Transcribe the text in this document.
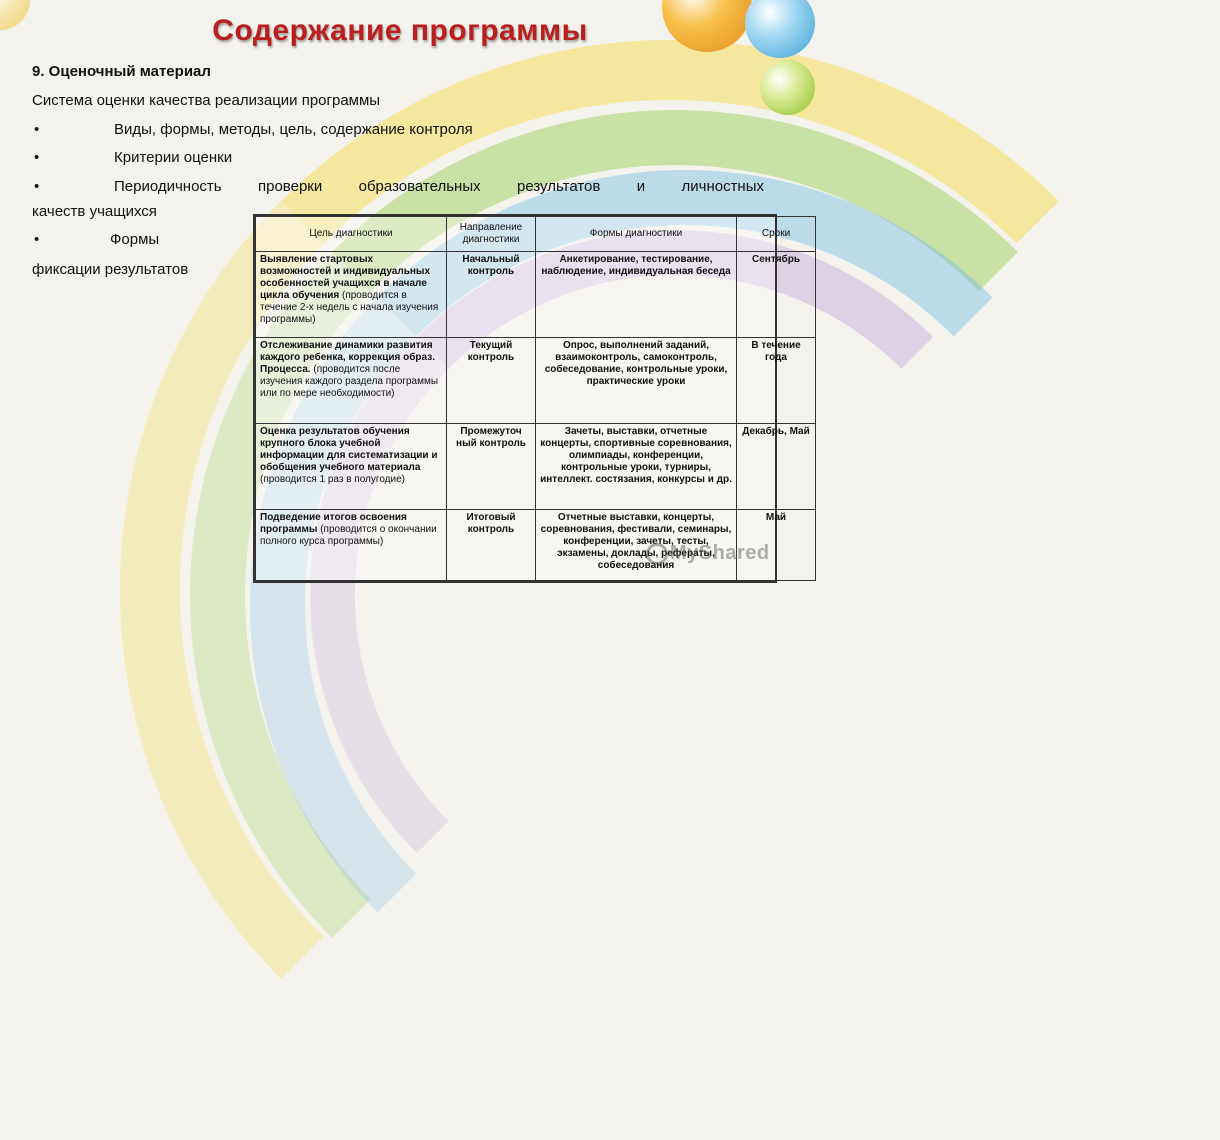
Содержание программы
9. Оценочный материал
Система оценки качества реализации программы
•	Виды, формы, методы, цель, содержание контроля
•	Критерии оценки
•	Периодичность проверки образовательных результатов и личностных
качеств учащихся
•	Формы
фиксации результатов
Цель диагностики	Направление диагностики	Формы диагностики	Сроки
Выявление стартовых возможностей и индивидуальных особенностей учащихся в начале цикла обучения (проводится в течение 2-х недель с начала изучения программы)	Начальный контроль	Анкетирование, тестирование, наблюдение, индивидуальная беседа	Сентябрь
Отслеживание динамики развития каждого ребенка, коррекция образ. Процесса. (проводится после изучения каждого раздела программы или по мере необходимости)	Текущий контроль	Опрос, выполнений заданий, взаимоконтроль, самоконтроль, собеседование, контрольные уроки, практические уроки	В течение года
Оценка результатов обучения крупного блока учебной информации для систематизации и обобщения учебного материала (проводится 1 раз в полугодие)	Промежуточ ный контроль	Зачеты, выставки, отчетные концерты, спортивные соревнования, олимпиады, конференции, контрольные уроки, турниры, интеллект. состязания, конкурсы и др.	Декабрь, Май
Подведение итогов освоения программы (проводится о окончании полного курса программы)	Итоговый контроль	Отчетные выставки, концерты, соревнования, фестивали, семинары, конференции, зачеты, тесты, экзамены, доклады, рефераты, собеседования	Май
MyShared
